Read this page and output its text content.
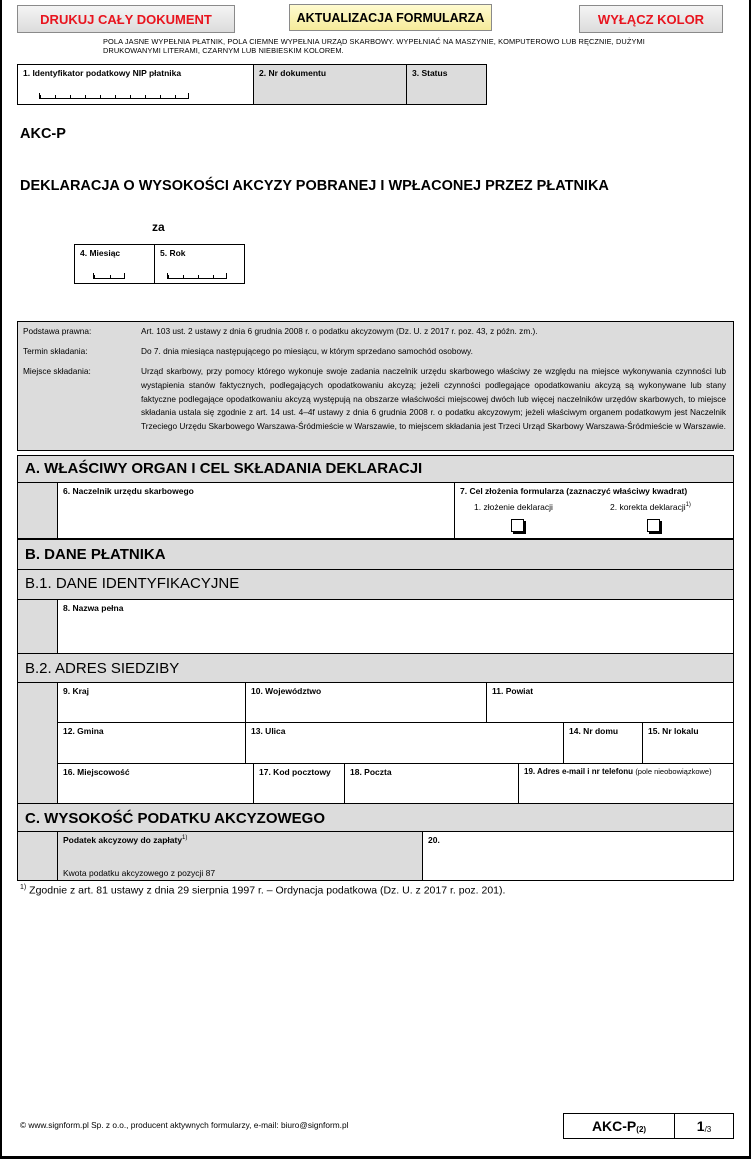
DRUKUJ CAŁY DOKUMENT	AKTUALIZACJA FORMULARZA	WYŁĄCZ KOLOR
POLA JASNE WYPEŁNIA PŁATNIK, POLA CIEMNE WYPEŁNIA URZĄD SKARBOWY. WYPEŁNIAĆ NA MASZYNIE, KOMPUTEROWO LUB RĘCZNIE, DUŻYMI DRUKOWANYMI LITERAMI, CZARNYM LUB NIEBIESKIM KOLOREM.
1. Identyfikator podatkowy NIP płatnika	2. Nr dokumentu	3. Status
AKC-P
DEKLARACJA O WYSOKOŚCI AKCYZY POBRANEJ I WPŁACONEJ PRZEZ PŁATNIKA
za
4. Miesiąc	5. Rok
Podstawa prawna:	Art. 103 ust. 2 ustawy z dnia 6 grudnia 2008 r. o podatku akcyzowym (Dz. U. z 2017 r. poz. 43, z późn. zm.).
Termin składania:	Do 7. dnia miesiąca następującego po miesiącu, w którym sprzedano samochód osobowy.
Miejsce składania:	Urząd skarbowy, przy pomocy którego wykonuje swoje zadania naczelnik urzędu skarbowego właściwy ze względu na miejsce wykonywania czynności lub wystąpienia stanów faktycznych, podlegających opodatkowaniu akcyzą; jeżeli czynności podlegające opodatkowaniu akcyzą są wykonywane lub stany faktyczne podlegające opodatkowaniu akcyzą występują na obszarze właściwości miejscowej dwóch lub więcej naczelników urzędów skarbowych, to miejsce składania ustala się zgodnie z art. 14 ust. 4–4f ustawy z dnia 6 grudnia 2008 r. o podatku akcyzowym; jeżeli właściwym organem podatkowym jest Naczelnik Trzeciego Urzędu Skarbowego Warszawa-Śródmieście w Warszawie, to miejscem składania jest Trzeci Urząd Skarbowy Warszawa-Śródmieście w Warszawie.
A. WŁAŚCIWY ORGAN I CEL SKŁADANIA DEKLARACJI
6. Naczelnik urzędu skarbowego	7. Cel złożenia formularza (zaznaczyć właściwy kwadrat)
1. złożenie deklaracji	2. korekta deklaracji$^{1)}$
B. DANE PŁATNIKA
B.1. DANE IDENTYFIKACYJNE
8. Nazwa pełna
B.2. ADRES SIEDZIBY
9. Kraj	10. Województwo	11. Powiat
12. Gmina	13. Ulica	14. Nr domu	15. Nr lokalu
16. Miejscowość	17. Kod pocztowy 18. Poczta	19. Adres e-mail i nr telefonu (pole nieobowiązkowe)
C. WYSOKOŚĆ PODATKU AKCYZOWEGO
Podatek akcyzowy do zapłaty$^{1)}$
Kwota podatku akcyzowego z pozycji 87
20.
$^{1)}$ Zgodnie z art. 81 ustawy z dnia 29 sierpnia 1997 r. – Ordynacja podatkowa (Dz. U. z 2017 r. poz. 201).
© www.signform.pl Sp. z o.o., producent aktywnych formularzy, e-mail: biuro@signform.pl	AKC-P (2)	1 /3
